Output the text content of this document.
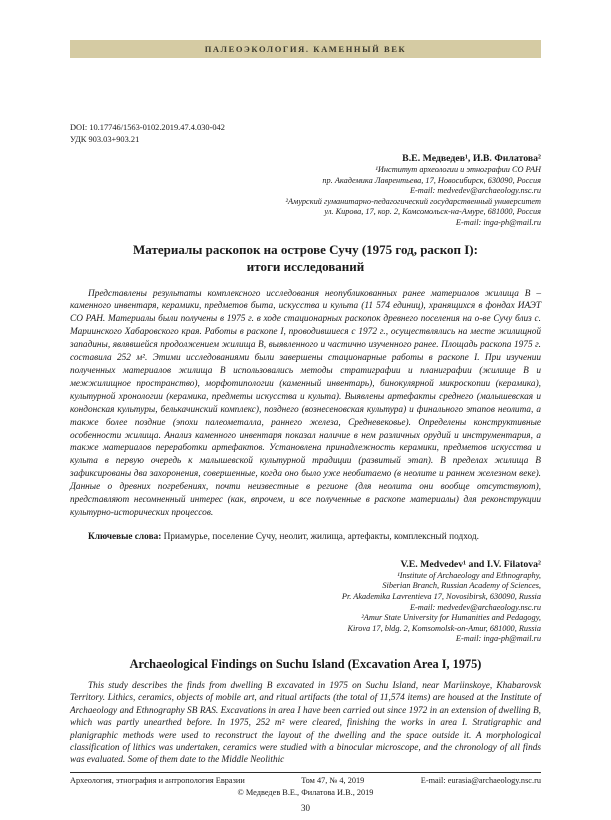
ПАЛЕОЭКОЛОГИЯ. КАМЕННЫЙ ВЕК
DOI: 10.17746/1563-0102.2019.47.4.030-042
УДК 903.03+903.21
В.Е. Медведев¹, И.В. Филатова²
¹Институт археологии и этнографии СО РАН
пр. Академика Лаврентьева, 17, Новосибирск, 630090, Россия
E-mail: medvedev@archaeology.nsc.ru
²Амурский гуманитарно-педагогический государственный университет
ул. Кирова, 17, кор. 2, Комсомольск-на-Амуре, 681000, Россия
E-mail: inga-ph@mail.ru
Материалы раскопок на острове Сучу (1975 год, раскоп I):
итоги исследований
Представлены результаты комплексного исследования неопубликованных ранее материалов жилища В – каменного инвентаря, керамики, предметов быта, искусства и культа (11 574 единиц), хранящихся в фондах ИАЭТ СО РАН. Материалы были получены в 1975 г. в ходе стационарных раскопок древнего поселения на о-ве Сучу близ с. Мариинского Хабаровского края. Работы в раскопе I, проводившиеся с 1972 г., осуществлялись на месте жилищной западины, являвшейся продолжением жилища В, выявленного и частично изученного ранее. Площадь раскопа 1975 г. составила 252 м². Этими исследованиями были завершены стационарные работы в раскопе I. При изучении полученных материалов жилища В использовались методы стратиграфии и планиграфии (жилище В и межжилищное пространство), морфотипологии (каменный инвентарь), бинокулярной микроскопии (керамика), культурной хронологии (керамика, предметы искусства и культа). Выявлены артефакты среднего (малышевская и кондонская культуры, белькачинский комплекс), позднего (вознесеновская культура) и финального этапов неолита, а также более поздние (эпохи палеометалла, раннего железа, Средневековье). Определены конструктивные особенности жилища. Анализ каменного инвентаря показал наличие в нем различных орудий и инструментария, а также материалов переработки артефактов. Установлена принадлежность керамики, предметов искусства и культа в первую очередь к малышевской культурной традиции (развитый этап). В пределах жилища В зафиксированы два захоронения, совершенные, когда оно было уже необитаемо (в неолите и раннем железном веке). Данные о древних погребениях, почти неизвестные в регионе (для неолита они вообще отсутствуют), представляют несомненный интерес (как, впрочем, и все полученные в раскопе материалы) для реконструкции культурно-исторических процессов.
Ключевые слова: Приамурье, поселение Сучу, неолит, жилища, артефакты, комплексный подход.
V.E. Medvedev¹ and I.V. Filatova²
¹Institute of Archaeology and Ethnography,
Siberian Branch, Russian Academy of Sciences,
Pr. Akademika Lavrentieva 17, Novosibirsk, 630090, Russia
E-mail: medvedev@archaeology.nsc.ru
²Amur State University for Humanities and Pedagogy,
Kirova 17, bldg. 2, Komsomolsk-on-Amur, 681000, Russia
E-mail: inga-ph@mail.ru
Archaeological Findings on Suchu Island (Excavation Area I, 1975)
This study describes the finds from dwelling B excavated in 1975 on Suchu Island, near Mariinskoye, Khabarovsk Territory. Lithics, ceramics, objects of mobile art, and ritual artifacts (the total of 11,574 items) are housed at the Institute of Archaeology and Ethnography SB RAS. Excavations in area I have been carried out since 1972 in an extension of dwelling B, which was partly unearthed before. In 1975, 252 m² were cleared, finishing the works in area I. Stratigraphic and planigraphic methods were used to reconstruct the layout of the dwelling and the space outside it. A morphological classification of lithics was undertaken, ceramics were studied with a binocular microscope, and the chronology of all finds was evaluated. Some of them date to the Middle Neolithic
Археология, этнография и антропология Евразии	Том 47, № 4, 2019	E-mail: eurasia@archaeology.nsc.ru
© Медведев В.Е., Филатова И.В., 2019
30
